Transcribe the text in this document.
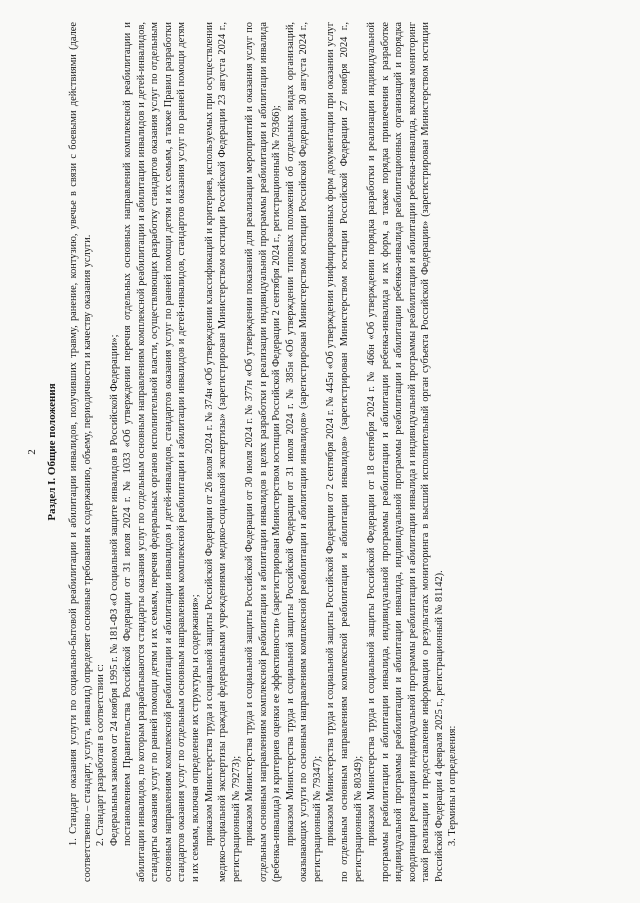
2 Раздел I. Общие положения 1. Стандарт оказания услуги по социально-бытовой реабилитации и абилитации инвалидов, получивших травму, ранение, контузию, увечье в связи с боевыми действиями (далее соответственно – стандарт, услуга, инвалид) определяет основные требования к содержанию, объему, периодичности и качеству оказания услуги. 2. Стандарт разработан в соответствии с: Федеральным законом от 24 ноября 1995 г. № 181-ФЗ «О социальной защите инвалидов в Российской Федерации»; постановлением Правительства Российской Федерации от 31 июля 2024 г. № 1033 «Об утверждении перечня отдельных основных направлений комплексной реабилитации и абилитации инвалидов, по которым разрабатываются стандарты оказания услуг по отдельным основным направлениям комплексной реабилитации и абилитации инвалидов и детей-инвалидов, стандарты оказания услуг по ранней помощи детям и их семьям, перечня федеральных органов исполнительной власти, осуществляющих разработку стандартов оказания услуг по отдельным основным направлениям комплексной реабилитации и абилитации инвалидов и детей-инвалидов, стандартов оказания услуг по ранней помощи детям и их семьям, а также Правил разработки стандартов оказания услуг по отдельным основным направлениям комплексной реабилитации и абилитации инвалидов и детей-инвалидов, стандартов оказания услуг по ранней помощи детям и их семьям, включая определение их структуры и содержания»; приказом Министерства труда и социальной защиты Российской Федерации от 26 июля 2024 г. № 374н «Об утверждении классификаций и критериев, используемых при осуществлении медико-социальной экспертизы граждан федеральными учреждениями медико-социальной экспертизы» (зарегистрирован Министерством юстиции Российской Федерации 23 августа 2024 г., регистрационный № 79273); приказом Министерства труда и социальной защиты Российской Федерации от 30 июля 2024 г. № 377н «Об утверждении показаний для реализации мероприятий и оказания услуг по отдельным основным направлениям комплексной реабилитации и абилитации инвалидов в целях разработки и реализации индивидуальной программы реабилитации и абилитации инвалида (ребенка-инвалида) и критериев оценки ее эффективности» (зарегистрирован Министерством юстиции Российской Федерации 2 сентября 2024 г., регистрационный № 79366); приказом Министерства труда и социальной защиты Российской Федерации от 31 июля 2024 г. № 385н «Об утверждении типовых положений об отдельных видах организаций, оказывающих услуги по основным направлениям комплексной реабилитации и абилитации инвалидов» (зарегистрирован Министерством юстиции Российской Федерации 30 августа 2024 г., регистрационный № 79347); приказом Министерства труда и социальной защиты Российской Федерации от 2 сентября 2024 г. № 445н «Об утверждении унифицированных форм документации при оказании услуг по отдельным основным направлениям комплексной реабилитации и абилитации инвалидов» (зарегистрирован Министерством юстиции Российской Федерации 27 ноября 2024 г., регистрационный № 80349); приказом Министерства труда и социальной защиты Российской Федерации от 18 сентября 2024 г. № 466н «Об утверждении порядка разработки и реализации индивидуальной программы реабилитации и абилитации инвалида, индивидуальной программы реабилитации и абилитации ребенка-инвалида и их форм, а также порядка привлечения к разработке индивидуальной программы реабилитации и абилитации инвалида, индивидуальной программы реабилитации и абилитации ребенка-инвалида реабилитационных организаций и порядка координации реализации индивидуальной программы реабилитации и абилитации инвалида и индивидуальной программы реабилитации и абилитации ребенка-инвалида, включая мониторинг такой реализации и предоставление информации о результатах мониторинга в высший исполнительный орган субъекта Российской Федерации» (зарегистрирован Министерством юстиции Российской Федерации 4 февраля 2025 г., регистрационный № 81142). 3. Термины и определения:
